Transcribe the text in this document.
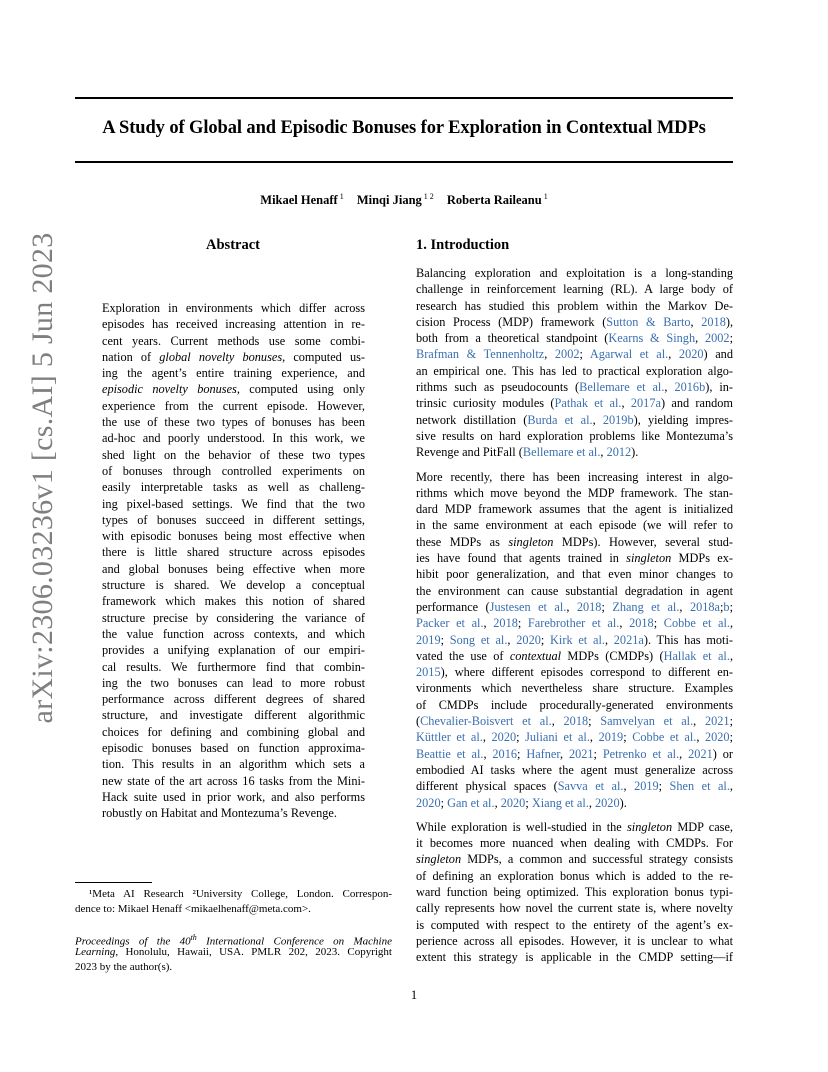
A Study of Global and Episodic Bonuses for Exploration in Contextual MDPs
Mikael Henaff $^1$ Minqi Jiang $^{1 2}$ Roberta Raileanu $^1$
arXiv:2306.03236v1 [cs.AI] 5 Jun 2023	Abstract	1. Introduction
Exploration in environments which differ across
episodes has received increasing attention in re-
cent years. Current methods use some combi-
nation of global novelty bonuses, computed us-
ing the agent’s entire training experience, and
episodic novelty bonuses, computed using only
experience from the current episode. However,
the use of these two types of bonuses has been
ad-hoc and poorly understood. In this work, we
shed light on the behavior of these two types
of bonuses through controlled experiments on
easily interpretable tasks as well as challeng-
ing pixel-based settings. We find that the two
types of bonuses succeed in different settings,
with episodic bonuses being most effective when
there is little shared structure across episodes
and global bonuses being effective when more
structure is shared. We develop a conceptual
framework which makes this notion of shared
structure precise by considering the variance of
the value function across contexts, and which
provides a unifying explanation of our empiri-
cal results. We furthermore find that combin-
ing the two bonuses can lead to more robust
performance across different degrees of shared
structure, and investigate different algorithmic
choices for defining and combining global and
episodic bonuses based on function approxima-
tion. This results in an algorithm which sets a
new state of the art across 16 tasks from the Mini-
Hack suite used in prior work, and also performs
robustly on Habitat and Montezuma’s Revenge.
Balancing exploration and exploitation is a long-standing
challenge in reinforcement learning (RL). A large body of
research has studied this problem within the Markov De-
cision Process (MDP) framework (Sutton & Barto, 2018),
both from a theoretical standpoint (Kearns & Singh, 2002;
Brafman & Tennenholtz, 2002; Agarwal et al., 2020) and
an empirical one. This has led to practical exploration algo-
rithms such as pseudocounts (Bellemare et al., 2016b), in-
trinsic curiosity modules (Pathak et al., 2017a) and random
network distillation (Burda et al., 2019b), yielding impres-
sive results on hard exploration problems like Montezuma’s
Revenge and PitFall (Bellemare et al., 2012).
More recently, there has been increasing interest in algo-
rithms which move beyond the MDP framework. The stan-
dard MDP framework assumes that the agent is initialized
in the same environment at each episode (we will refer to
these MDPs as singleton MDPs). However, several stud-
ies have found that agents trained in singleton MDPs ex-
hibit poor generalization, and that even minor changes to
the environment can cause substantial degradation in agent
performance (Justesen et al., 2018; Zhang et al., 2018a;b;
Packer et al., 2018; Farebrother et al., 2018; Cobbe et al.,
2019; Song et al., 2020; Kirk et al., 2021a). This has moti-
vated the use of contextual MDPs (CMDPs) (Hallak et al.,
2015), where different episodes correspond to different en-
vironments which nevertheless share structure. Examples
of CMDPs include procedurally-generated environments
(Chevalier-Boisvert et al., 2018; Samvelyan et al., 2021;
Küttler et al., 2020; Juliani et al., 2019; Cobbe et al., 2020;
Beattie et al., 2016; Hafner, 2021; Petrenko et al., 2021) or
embodied AI tasks where the agent must generalize across
different physical spaces (Savva et al., 2019; Shen et al.,
2020; Gan et al., 2020; Xiang et al., 2020).
While exploration is well-studied in the singleton MDP case,
it becomes more nuanced when dealing with CMDPs. For
singleton MDPs, a common and successful strategy consists
of defining an exploration bonus which is added to the re-
ward function being optimized. This exploration bonus typi-
cally represents how novel the current state is, where novelty
is computed with respect to the entirety of the agent’s ex-
perience across all episodes. However, it is unclear to what
extent this strategy is applicable in the CMDP setting—if
¹Meta AI Research ²University College, London. Correspon-
dence to: Mikael Henaff <mikaelhenaff@meta.com>.
Proceedings of the 40th International Conference on Machine
Learning, Honolulu, Hawaii, USA. PMLR 202, 2023. Copyright
2023 by the author(s).
1
